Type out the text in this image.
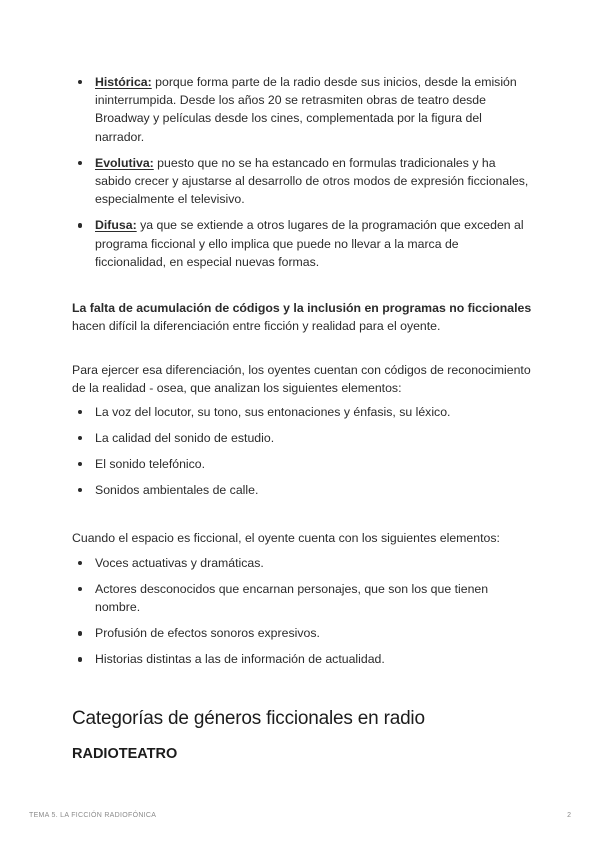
Histórica: porque forma parte de la radio desde sus inicios, desde la emisión ininterrumpida. Desde los años 20 se retrasmiten obras de teatro desde Broadway y películas desde los cines, complementada por la figura del narrador.
Evolutiva: puesto que no se ha estancado en formulas tradicionales y ha sabido crecer y ajustarse al desarrollo de otros modos de expresión ficcionales, especialmente el televisivo.
Difusa: ya que se extiende a otros lugares de la programación que exceden al programa ficcional y ello implica que puede no llevar a la marca de ficcionalidad, en especial nuevas formas.

La falta de acumulación de códigos y la inclusión en programas no ficcionales hacen difícil la diferenciación entre ficción y realidad para el oyente.

Para ejercer esa diferenciación, los oyentes cuentan con códigos de reconocimiento de la realidad - osea, que analizan los siguientes elementos:

La voz del locutor, su tono, sus entonaciones y énfasis, su léxico.
La calidad del sonido de estudio.
El sonido telefónico.
Sonidos ambientales de calle.

Cuando el espacio es ficcional, el oyente cuenta con los siguientes elementos:

Voces actuativas y dramáticas.
Actores desconocidos que encarnan personajes, que son los que tienen nombre.
Profusión de efectos sonoros expresivos.
Historias distintas a las de información de actualidad.
Categorías de géneros ficcionales en radio
RADIOTEATRO
TEMA 5. LA FICCIÓN RADIOFÓNICA	2
